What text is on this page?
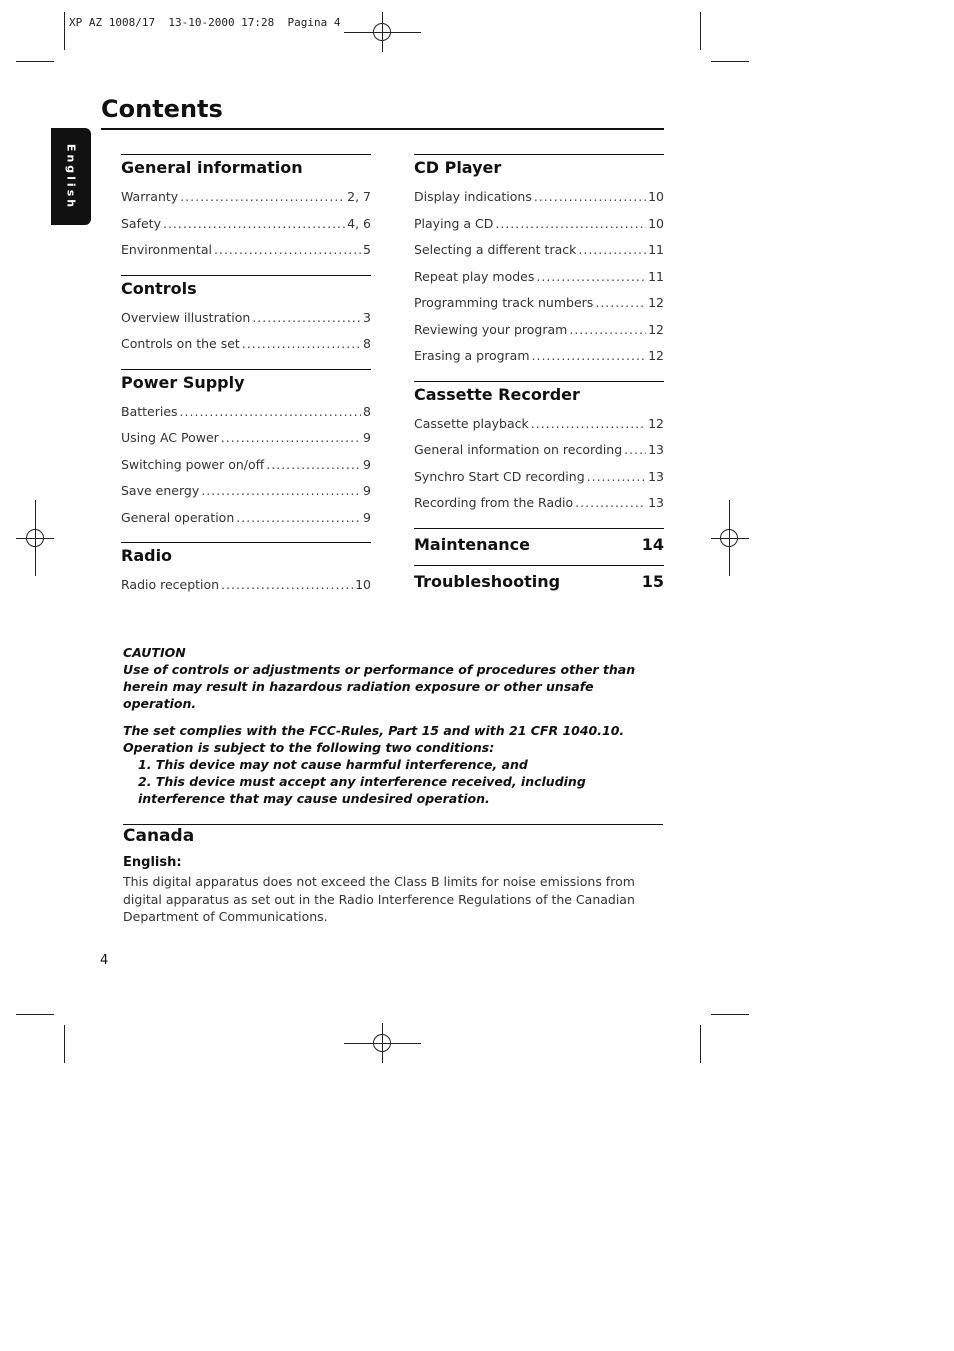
XP AZ 1008/17  13-10-2000 17:28  Pagina 4
English
Contents
General information
Warranty .....	2, 7
Safety .....	4, 6
Environmental .....	5
Controls
Overview illustration .....	3
Controls on the set .....	8
Power Supply
Batteries .....	8
Using AC Power .....	9
Switching power on/off .....	9
Save energy .....	9
General operation .....	9
Radio
Radio reception .....	10
CD Player
Display indications .....	10
Playing a CD .....	10
Selecting a different track .....	11
Repeat play modes .....	11
Programming track numbers .....	12
Reviewing your program .....	12
Erasing a program .....	12
Cassette Recorder
Cassette playback .....	12
General information on recording ..... 13
Synchro Start CD recording .....	13
Recording from the Radio .....	13
Maintenance	14
Troubleshooting	15

CAUTION

Use of controls or adjustments or performance of procedures other than herein may result in hazardous radiation exposure or other unsafe operation.

The set complies with the FCC-Rules, Part 15 and with 21 CFR 1040.10. Operation is subject to the following two conditions:

1. This device may not cause harmful interference, and

2. This device must accept any interference received, including interference that may cause undesired operation.

Canada
English:
This digital apparatus does not exceed the Class B limits for noise emissions from digital apparatus as set out in the Radio Interference Regulations of the Canadian Department of Communications.
4
